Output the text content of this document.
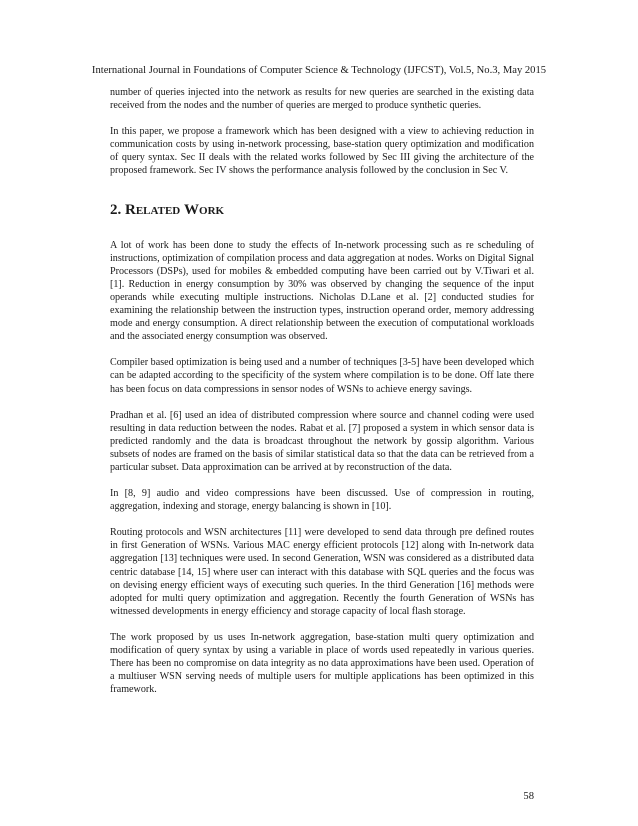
International Journal in Foundations of Computer Science & Technology (IJFCST), Vol.5, No.3, May 2015

number of queries injected into the network as results for new queries are searched in the existing data received from the nodes and the number of queries are merged to produce synthetic queries.

In this paper, we propose a framework which has been designed with a view to achieving reduction in communication costs by using in-network processing, base-station query optimization and modification of query syntax. Sec II deals with the related works followed by Sec III giving the architecture of the proposed framework. Sec IV shows the performance analysis followed by the conclusion in Sec V.

2. Related Work

A lot of work has been done to study the effects of In-network processing such as re scheduling of instructions, optimization of compilation process and data aggregation at nodes. Works on Digital Signal Processors (DSPs), used for mobiles & embedded computing have been carried out by V.Tiwari et al. [1]. Reduction in energy consumption by 30% was observed by changing the sequence of the input operands while executing multiple instructions. Nicholas D.Lane et al. [2] conducted studies for examining the relationship between the instruction types, instruction operand order, memory addressing mode and energy consumption. A direct relationship between the execution of computational workloads and the associated energy consumption was observed.

Compiler based optimization is being used and a number of techniques [3-5] have been developed which can be adapted according to the specificity of the system where compilation is to be done. Off late there has been focus on data compressions in sensor nodes of WSNs to achieve energy savings.

Pradhan et al. [6] used an idea of distributed compression where source and channel coding were used resulting in data reduction between the nodes. Rabat et al. [7] proposed a system in which sensor data is predicted randomly and the data is broadcast throughout the network by gossip algorithm. Various subsets of nodes are framed on the basis of similar statistical data so that the data can be retrieved from a particular subset. Data approximation can be arrived at by reconstruction of the data.

In [8, 9] audio and video compressions have been discussed. Use of compression in routing, aggregation, indexing and storage, energy balancing is shown in [10].

Routing protocols and WSN architectures [11] were developed to send data through pre defined routes in first Generation of WSNs. Various MAC energy efficient protocols [12] along with In-network data aggregation [13] techniques were used. In second Generation, WSN was considered as a distributed data centric database [14, 15] where user can interact with this database with SQL queries and the focus was on devising energy efficient ways of executing such queries. In the third Generation [16] methods were adopted for multi query optimization and aggregation. Recently the fourth Generation of WSNs has witnessed developments in energy efficiency and storage capacity of local flash storage.

The work proposed by us uses In-network aggregation, base-station multi query optimization and modification of query syntax by using a variable in place of words used repeatedly in various queries. There has been no compromise on data integrity as no data approximations have been used. Operation of a multiuser WSN serving needs of multiple users for multiple applications has been optimized in this framework.

58
